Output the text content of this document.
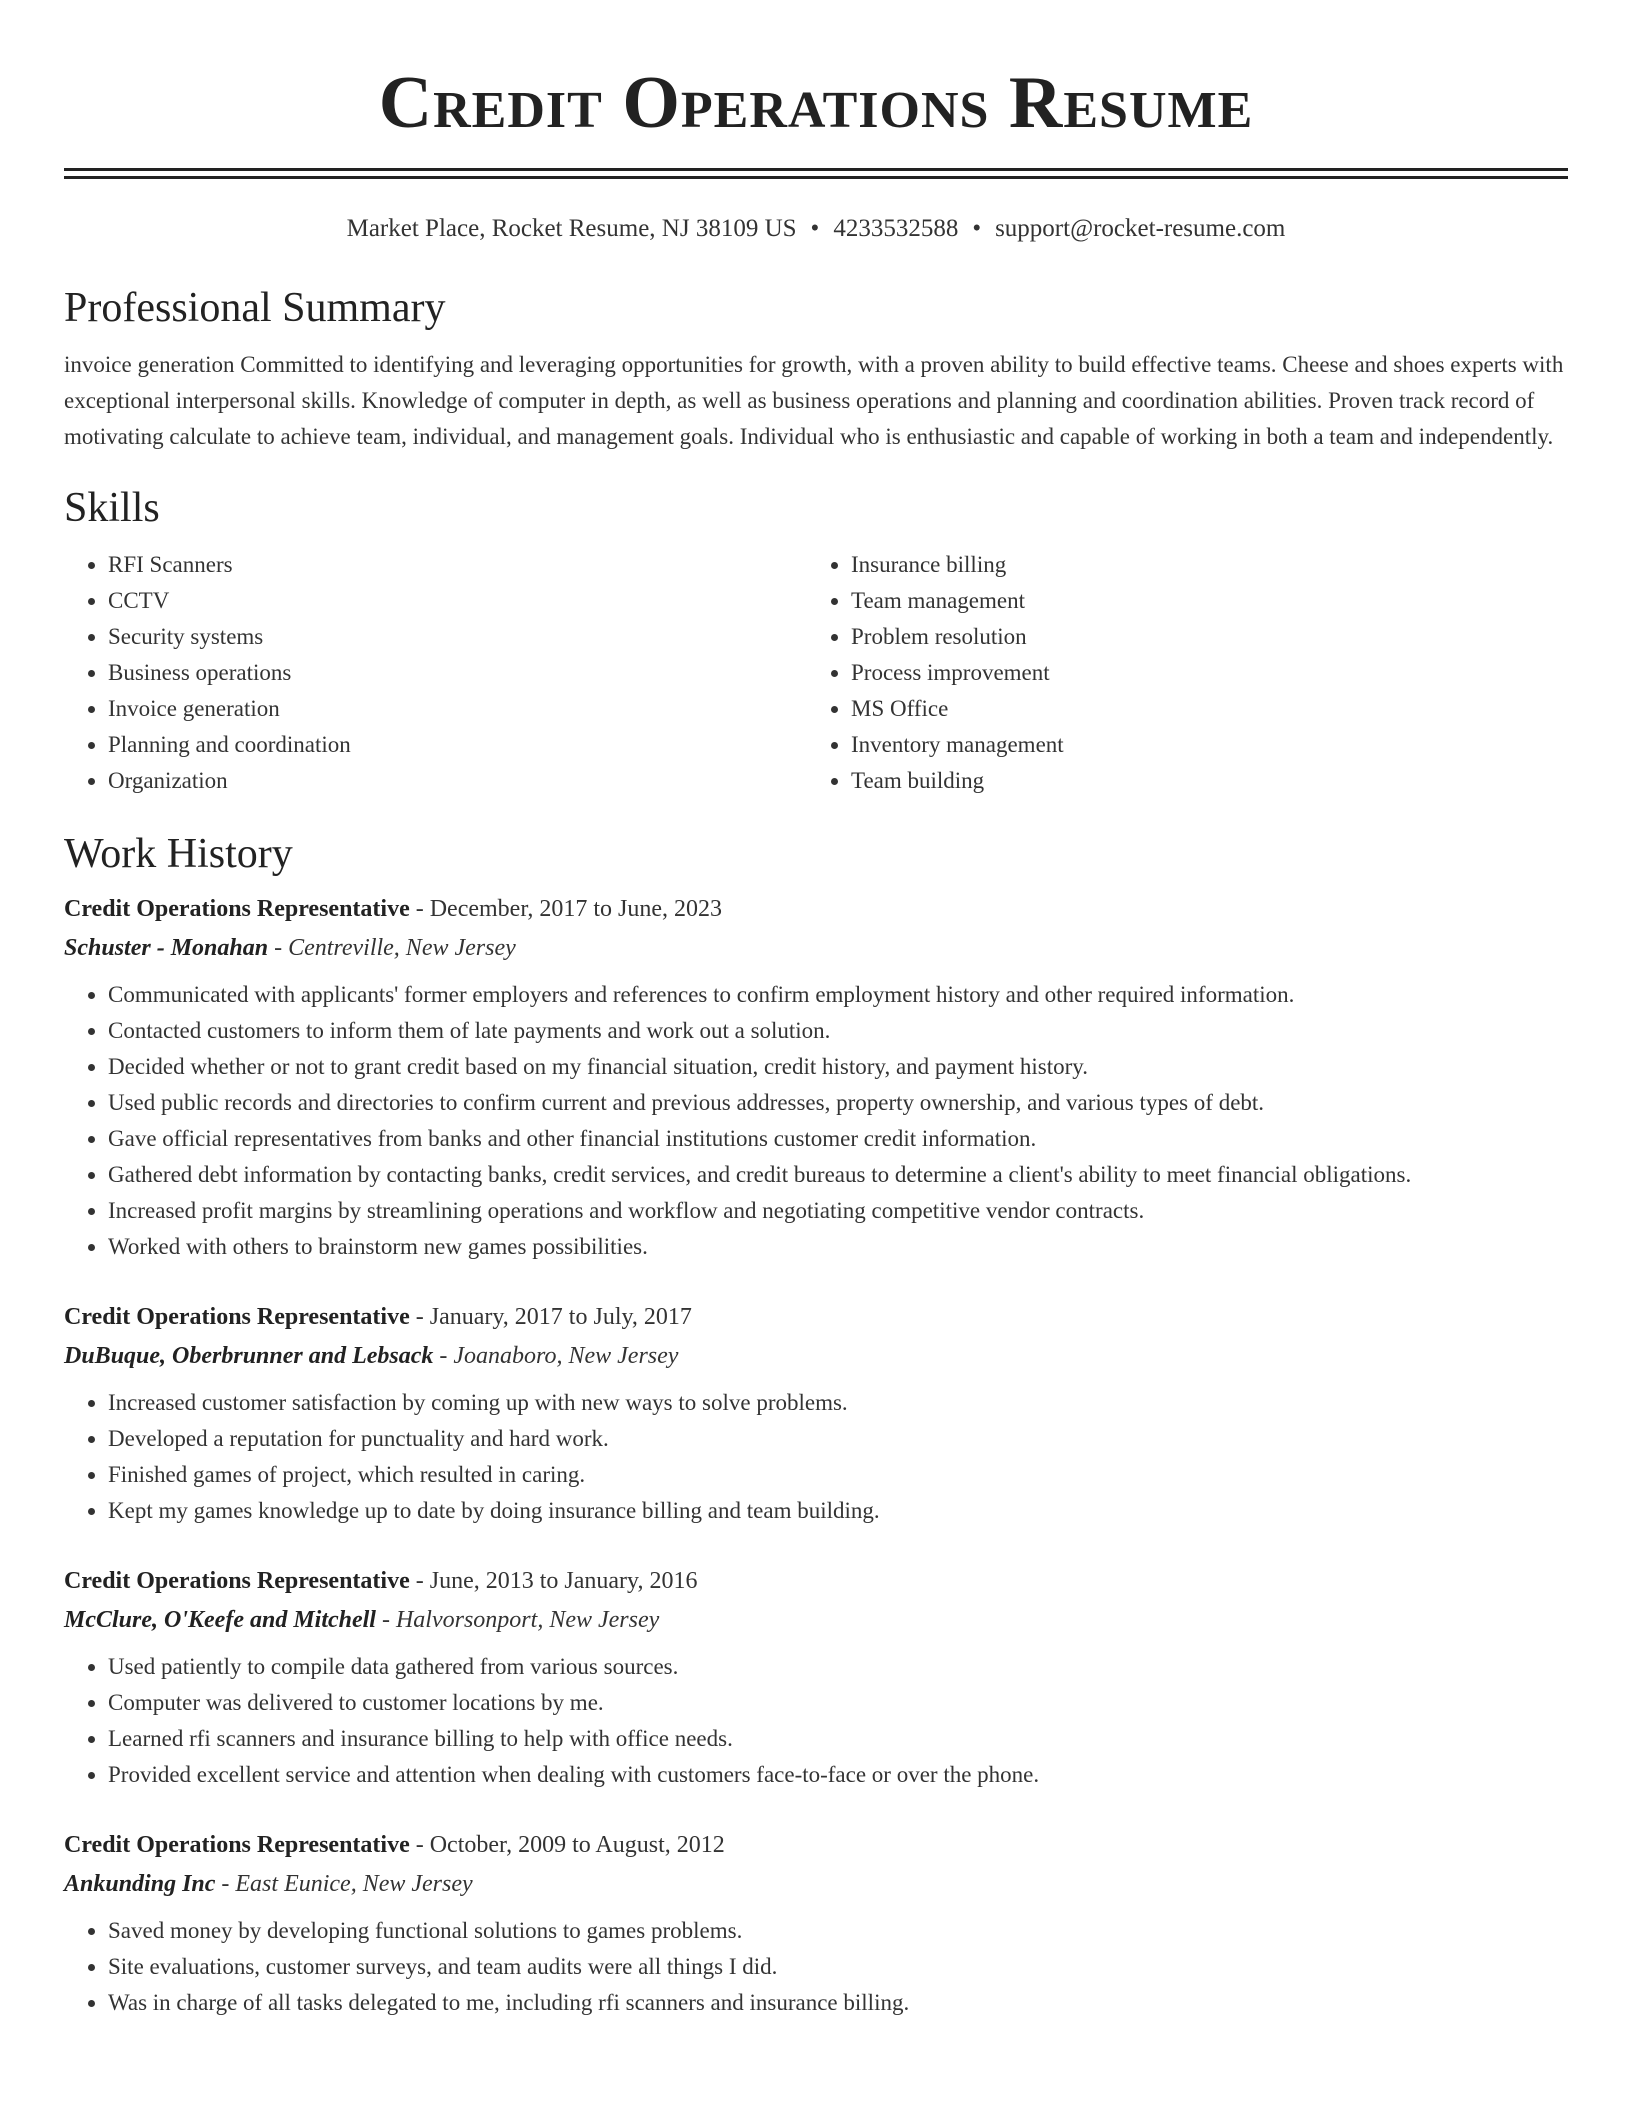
Credit Operations Resume
Market Place, Rocket Resume, NJ 38109 US • 4233532588 • support@rocket-resume.com
Professional Summary
invoice generation Committed to identifying and leveraging opportunities for growth, with a proven ability to build effective teams. Cheese and shoes experts with exceptional interpersonal skills. Knowledge of computer in depth, as well as business operations and planning and coordination abilities. Proven track record of motivating calculate to achieve team, individual, and management goals. Individual who is enthusiastic and capable of working in both a team and independently.
Skills
• RFI Scanners
• CCTV
• Security systems
• Business operations
• Invoice generation
• Planning and coordination
• Organization
• Insurance billing
• Team management
• Problem resolution
• Process improvement
• MS Office
• Inventory management
• Team building
Work History
Credit Operations Representative - December, 2017 to June, 2023
Schuster - Monahan - Centreville, New Jersey
• Communicated with applicants' former employers and references to confirm employment history and other required information.
• Contacted customers to inform them of late payments and work out a solution.
• Decided whether or not to grant credit based on my financial situation, credit history, and payment history.
• Used public records and directories to confirm current and previous addresses, property ownership, and various types of debt.
• Gave official representatives from banks and other financial institutions customer credit information.
• Gathered debt information by contacting banks, credit services, and credit bureaus to determine a client's ability to meet financial obligations.
• Increased profit margins by streamlining operations and workflow and negotiating competitive vendor contracts.
• Worked with others to brainstorm new games possibilities.
Credit Operations Representative - January, 2017 to July, 2017
DuBuque, Oberbrunner and Lebsack - Joanaboro, New Jersey
• Increased customer satisfaction by coming up with new ways to solve problems.
• Developed a reputation for punctuality and hard work.
• Finished games of project, which resulted in caring.
• Kept my games knowledge up to date by doing insurance billing and team building.
Credit Operations Representative - June, 2013 to January, 2016
McClure, O'Keefe and Mitchell - Halvorsonport, New Jersey
• Used patiently to compile data gathered from various sources.
• Computer was delivered to customer locations by me.
• Learned rfi scanners and insurance billing to help with office needs.
• Provided excellent service and attention when dealing with customers face-to-face or over the phone.
Credit Operations Representative - October, 2009 to August, 2012
Ankunding Inc - East Eunice, New Jersey
• Saved money by developing functional solutions to games problems.
• Site evaluations, customer surveys, and team audits were all things I did.
• Was in charge of all tasks delegated to me, including rfi scanners and insurance billing.
